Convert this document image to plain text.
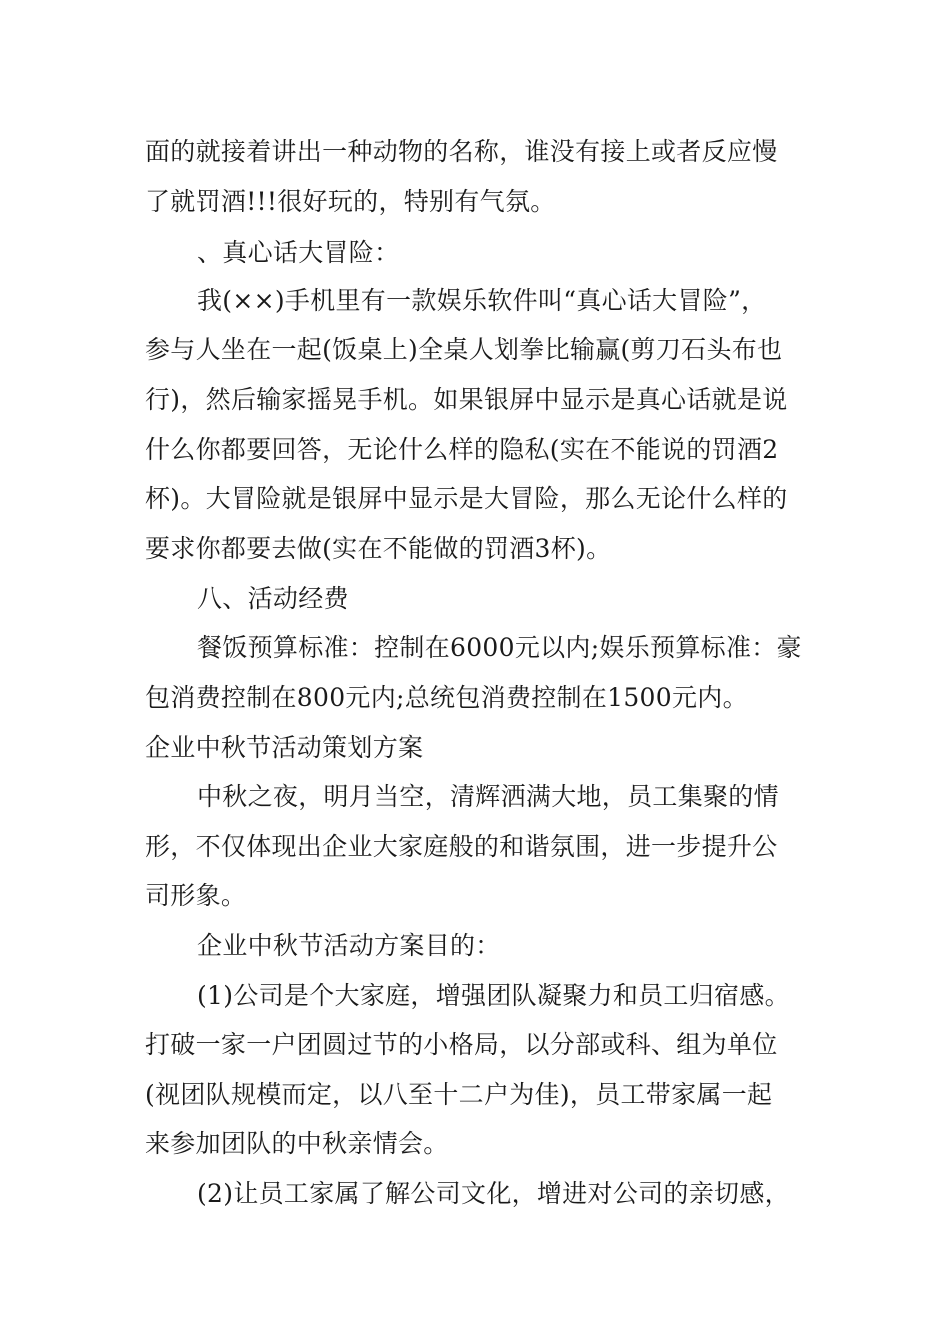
面的就接着讲出一种动物的名称，谁没有接上或者反应慢
了就罚酒!!!很好玩的，特别有气氛。
、真心话大冒险：
我(××)手机里有一款娱乐软件叫“真心话大冒险”，
参与人坐在一起(饭桌上)全桌人划拳比输赢(剪刀石头布也
行)，然后输家摇晃手机。如果银屏中显示是真心话就是说
什么你都要回答，无论什么样的隐私(实在不能说的罚酒2
杯)。大冒险就是银屏中显示是大冒险，那么无论什么样的
要求你都要去做(实在不能做的罚酒3杯)。
八、活动经费
餐饭预算标准：控制在6000元以内;娱乐预算标准：豪
包消费控制在800元内;总统包消费控制在1500元内。
企业中秋节活动策划方案
中秋之夜，明月当空，清辉洒满大地，员工集聚的情
形，不仅体现出企业大家庭般的和谐氛围，进一步提升公
司形象。
企业中秋节活动方案目的：
(1)公司是个大家庭，增强团队凝聚力和员工归宿感。
打破一家一户团圆过节的小格局，以分部或科、组为单位
(视团队规模而定，以八至十二户为佳)，员工带家属一起
来参加团队的中秋亲情会。
(2)让员工家属了解公司文化，增进对公司的亲切感，
